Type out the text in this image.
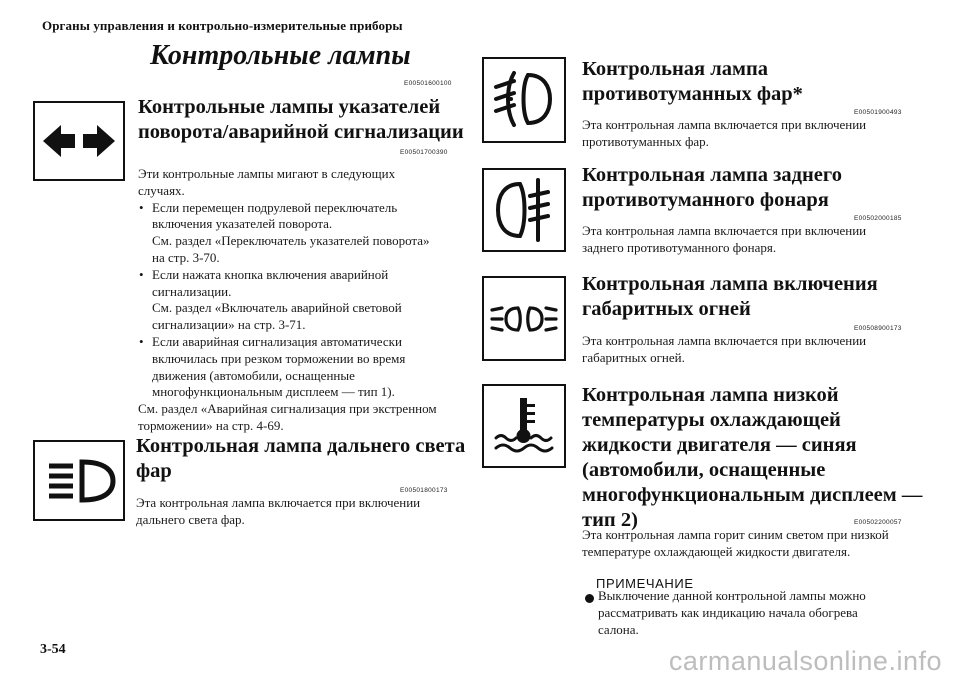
Органы управления и контрольно-измерительные приборы
Контрольные лампы
E00501600100
Контрольные лампы указателей
поворота/аварийной сигнализации
E00501700390
Эти контрольные лампы мигают в следующих
случаях.
• Если перемещен подрулевой переключатель
включения указателей поворота.
См. раздел «Переключатель указателей поворота»
на стр. 3-70.
• Если нажата кнопка включения аварийной
сигнализации.
См. раздел «Включатель аварийной световой
сигнализации» на стр. 3-71.
• Если аварийная сигнализация автоматически
включилась при резком торможении во время
движения (автомобили, оснащенные
многофункциональным дисплеем — тип 1).
См. раздел «Аварийная сигнализация при экстренном
торможении» на стр. 4-69.
Контрольная лампа дальнего света
фар
E00501800173
Эта контрольная лампа включается при включении
дальнего света фар.
Контрольная лампа
противотуманных фар*
E00501900493
Эта контрольная лампа включается при включении
противотуманных фар.
Контрольная лампа заднего
противотуманного фонаря
E00502000185
Эта контрольная лампа включается при включении
заднего противотуманного фонаря.
Контрольная лампа включения
габаритных огней
E00508900173
Эта контрольная лампа включается при включении
габаритных огней.
Контрольная лампа низкой
температуры охлаждающей
жидкости двигателя — синяя
(автомобили, оснащенные
многофункциональным дисплеем —
тип 2)	E00502200057
Эта контрольная лампа горит синим светом при низкой
температуре охлаждающей жидкости двигателя.
ПРИМЕЧАНИЕ
Выключение данной контрольной лампы можно
рассматривать как индикацию начала обогрева
салона.
3-54	carmanualsonline.info
